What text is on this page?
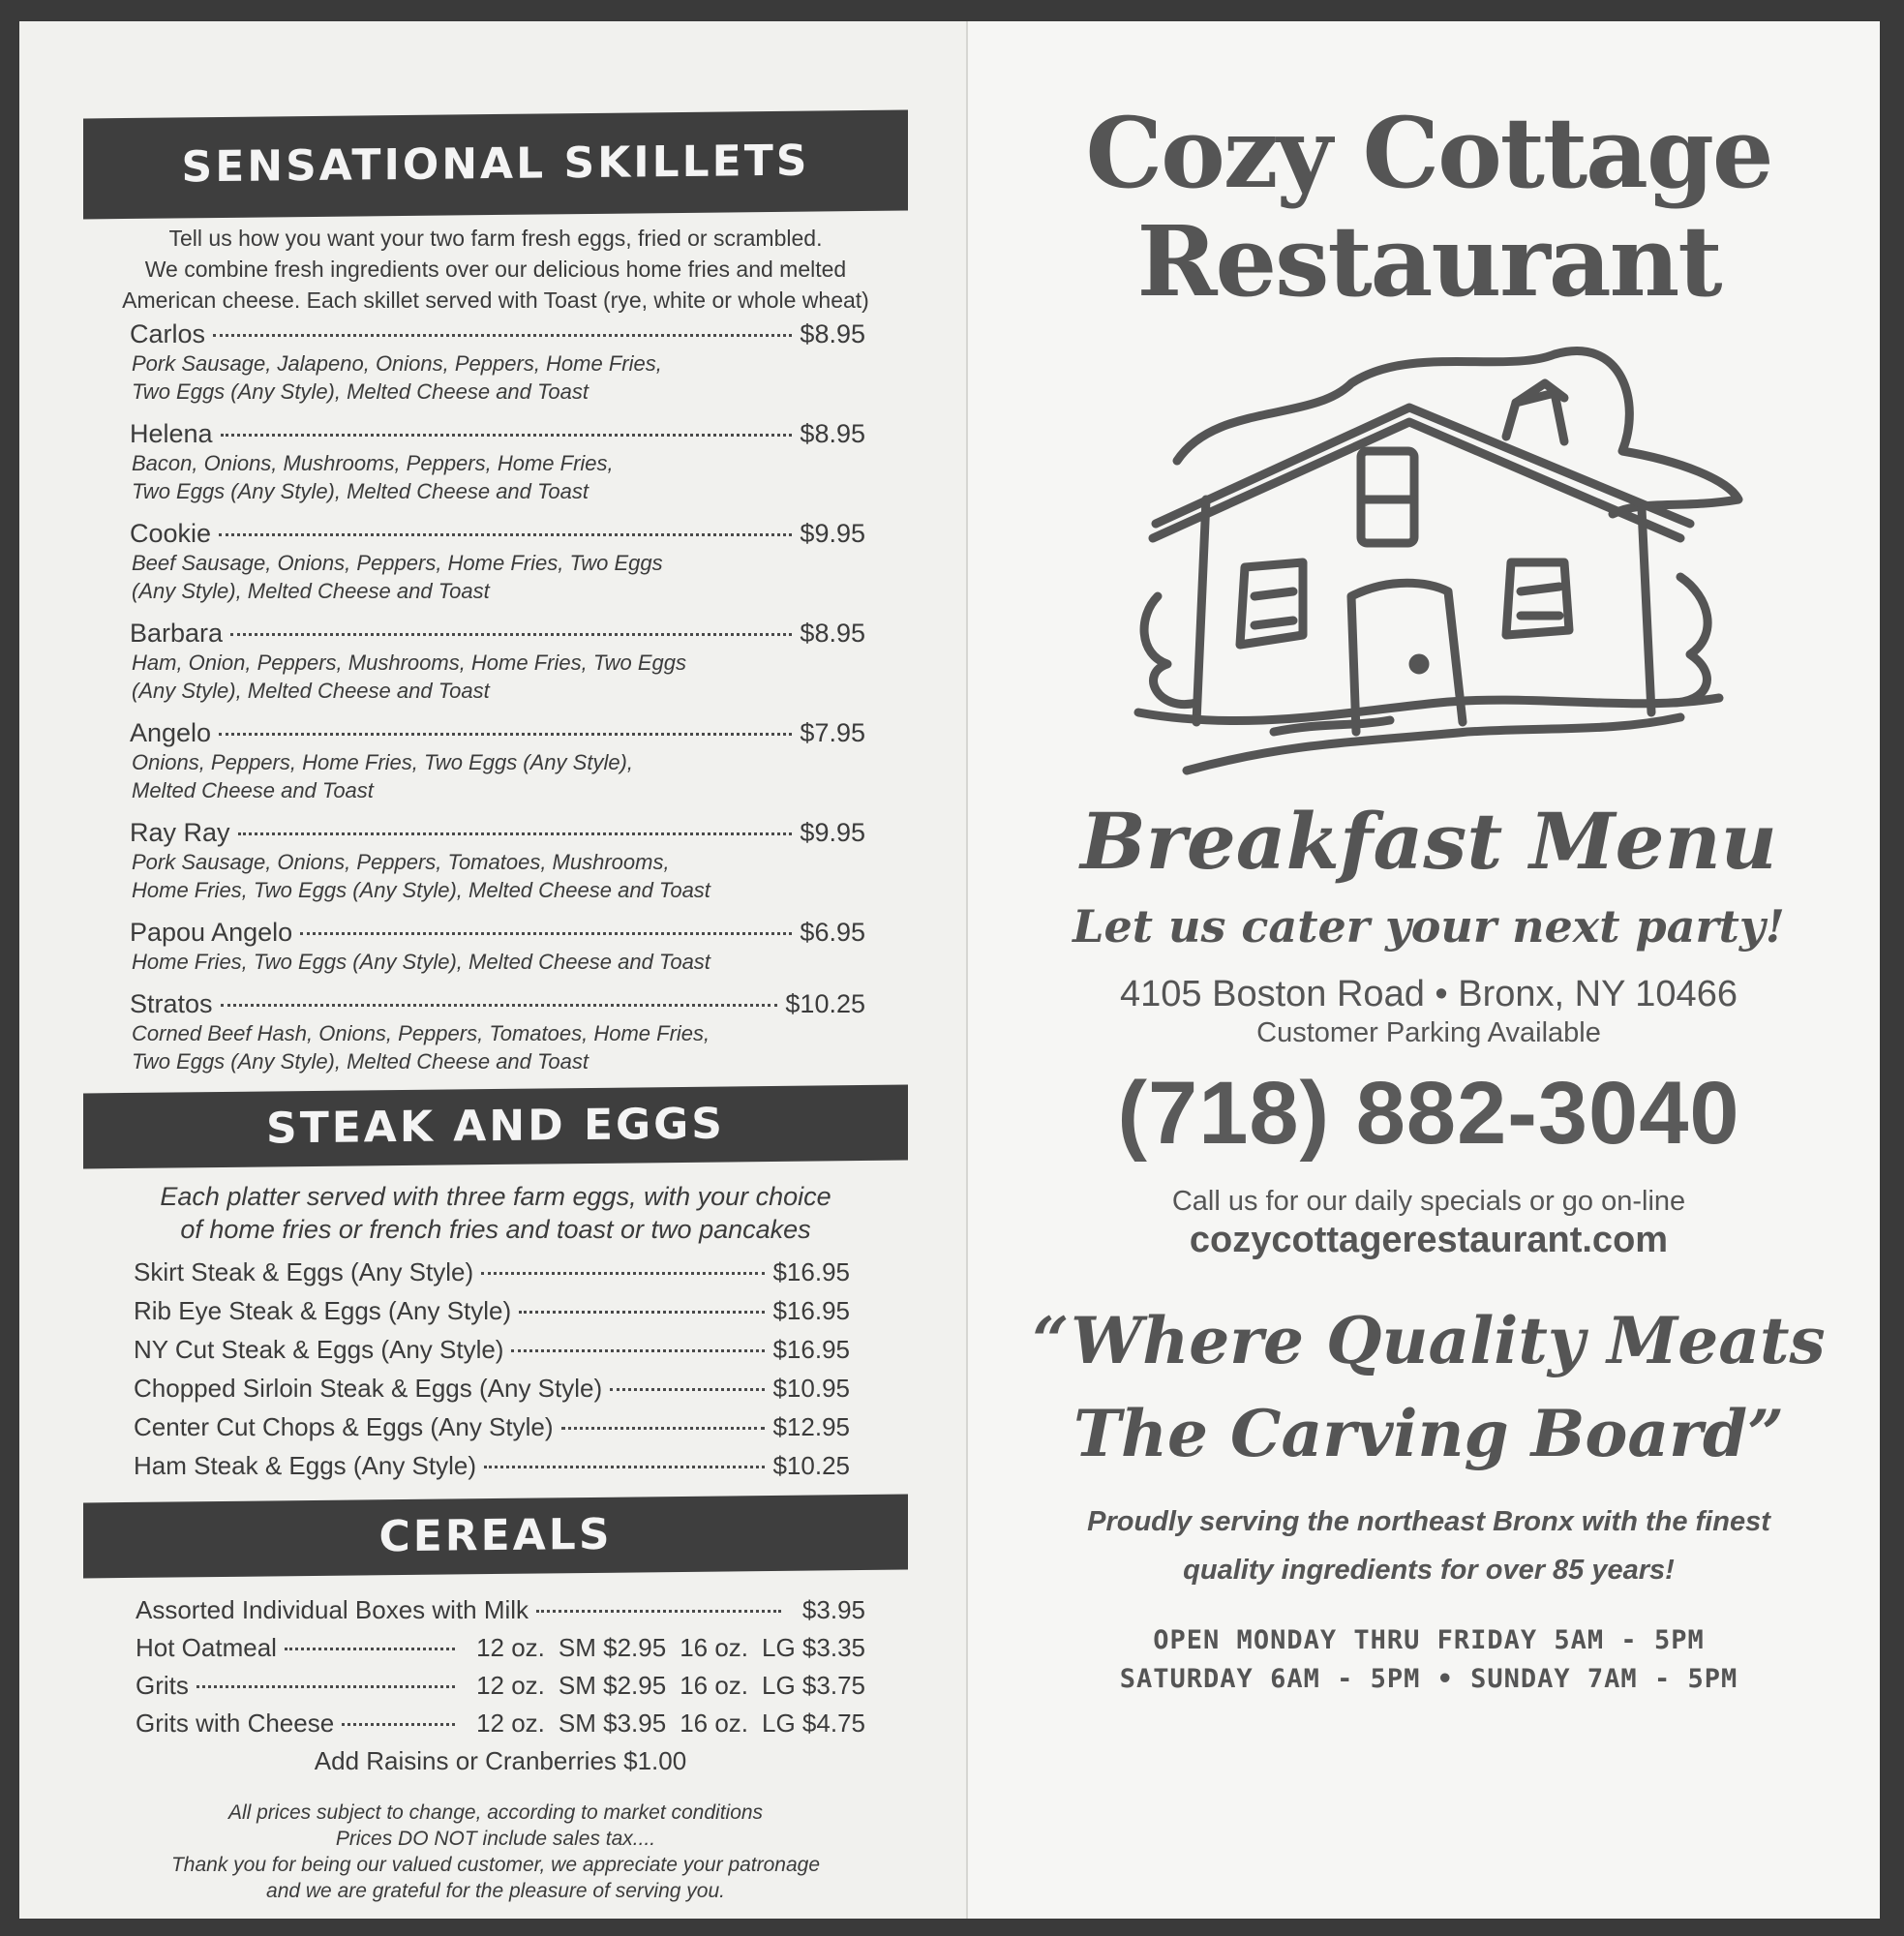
SENSATIONAL SKILLETS
Tell us how you want your two farm fresh eggs, fried or scrambled.
We combine fresh ingredients over our delicious home fries and melted
American cheese. Each skillet served with Toast (rye, white or whole wheat)
Carlos	$8.95
Pork Sausage, Jalapeno, Onions, Peppers, Home Fries,
Two Eggs (Any Style), Melted Cheese and Toast
Helena	$8.95
Bacon, Onions, Mushrooms, Peppers, Home Fries,
Two Eggs (Any Style), Melted Cheese and Toast
Cookie	$9.95
Beef Sausage, Onions, Peppers, Home Fries, Two Eggs
(Any Style), Melted Cheese and Toast
Barbara	$8.95
Ham, Onion, Peppers, Mushrooms, Home Fries, Two Eggs
(Any Style), Melted Cheese and Toast
Angelo	$7.95
Onions, Peppers, Home Fries, Two Eggs (Any Style),
Melted Cheese and Toast
Ray Ray	$9.95
Pork Sausage, Onions, Peppers, Tomatoes, Mushrooms,
Home Fries, Two Eggs (Any Style), Melted Cheese and Toast
Papou Angelo	$6.95
Home Fries, Two Eggs (Any Style), Melted Cheese and Toast
Stratos	$10.25
Corned Beef Hash, Onions, Peppers, Tomatoes, Home Fries,
Two Eggs (Any Style), Melted Cheese and Toast
STEAK AND EGGS
Each platter served with three farm eggs, with your choice
of home fries or french fries and toast or two pancakes
Skirt Steak & Eggs (Any Style)	$16.95
Rib Eye Steak & Eggs (Any Style)	$16.95
NY Cut Steak & Eggs (Any Style)	$16.95
Chopped Sirloin Steak & Eggs (Any Style)	$10.95
Center Cut Chops & Eggs (Any Style)	$12.95
Ham Steak & Eggs (Any Style)	$10.25
CEREALS
Assorted Individual Boxes with Milk	$3.95
Hot Oatmeal	12 oz. SM $2.95 16 oz. LG $3.35
Grits	12 oz. SM $2.95 16 oz. LG $3.75
Grits with Cheese	12 oz. SM $3.95 16 oz. LG $4.75
Add Raisins or Cranberries $1.00
All prices subject to change, according to market conditions
Prices DO NOT include sales tax....
Thank you for being our valued customer, we appreciate your patronage
and we are grateful for the pleasure of serving you.
Cozy Cottage
Restaurant
Breakfast Menu
Let us cater your next party!
4105 Boston Road • Bronx, NY 10466
Customer Parking Available
(718) 882-3040
Call us for our daily specials or go on-line
cozycottagerestaurant.com
“Where Quality Meats
The Carving Board”
Proudly serving the northeast Bronx with the finest
quality ingredients for over 85 years!
OPEN MONDAY THRU FRIDAY 5AM - 5PM
SATURDAY 6AM - 5PM • SUNDAY 7AM - 5PM
